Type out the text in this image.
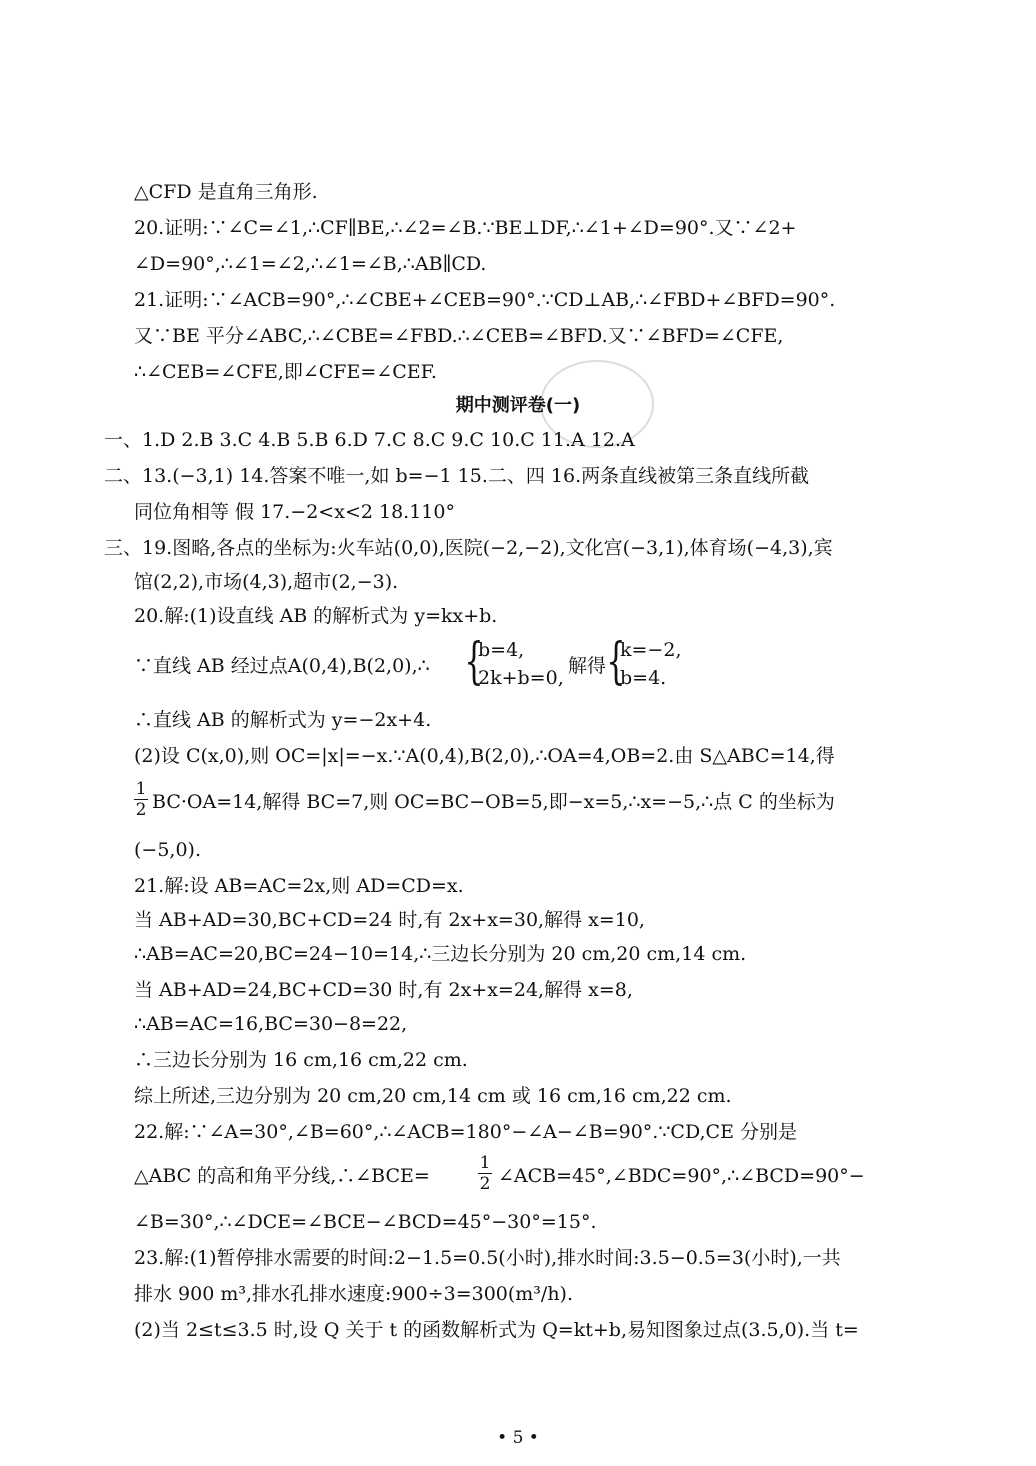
△CFD 是直角三角形.
20.证明:∵∠C=∠1,∴CF∥BE,∴∠2=∠B.∵BE⊥DF,∴∠1+∠D=90°.又∵∠2+
∠D=90°,∴∠1=∠2,∴∠1=∠B,∴AB∥CD.
21.证明:∵∠ACB=90°,∴∠CBE+∠CEB=90°.∵CD⊥AB,∴∠FBD+∠BFD=90°.
又∵BE 平分∠ABC,∴∠CBE=∠FBD.∴∠CEB=∠BFD.又∵∠BFD=∠CFE,
∴∠CEB=∠CFE,即∠CFE=∠CEF.
期中测评卷(一)
一、1.D 2.B 3.C 4.B 5.B 6.D 7.C 8.C 9.C 10.C 11.A 12.A
二、13.(−3,1) 14.答案不唯一,如 b=−1 15.二、四 16.两条直线被第三条直线所截
同位角相等 假 17.−2<x<2 18.110°
三、19.图略,各点的坐标为:火车站(0,0),医院(−2,−2),文化宫(−3,1),体育场(−4,3),宾
馆(2,2),市场(4,3),超市(2,−3).
20.解:(1)设直线 AB 的解析式为 y=kx+b.
∵直线 AB 经过点A(0,4),B(2,0),∴ {
b=4,
2k+b=0,
解得 {
k=−2,
b=4.
∴直线 AB 的解析式为 y=−2x+4.
(2)设 C(x,0),则 OC=|x|=−x.∵A(0,4),B(2,0),∴OA=4,OB=2.由 S△ABC=14,得
1
2 BC·OA=14,解得 BC=7,则 OC=BC−OB=5,即−x=5,∴x=−5,∴点 C 的坐标为
(−5,0).
21.解:设 AB=AC=2x,则 AD=CD=x.
当 AB+AD=30,BC+CD=24 时,有 2x+x=30,解得 x=10,
∴AB=AC=20,BC=24−10=14,∴三边长分别为 20 cm,20 cm,14 cm.
当 AB+AD=24,BC+CD=30 时,有 2x+x=24,解得 x=8,
∴AB=AC=16,BC=30−8=22,
∴三边长分别为 16 cm,16 cm,22 cm.
综上所述,三边分别为 20 cm,20 cm,14 cm 或 16 cm,16 cm,22 cm.
22.解:∵∠A=30°,∠B=60°,∴∠ACB=180°−∠A−∠B=90°.∵CD,CE 分别是
△ABC 的高和角平分线,∴∠BCE=
1
2 ∠ACB=45°,∠BDC=90°,∴∠BCD=90°−
∠B=30°,∴∠DCE=∠BCE−∠BCD=45°−30°=15°.
23.解:(1)暂停排水需要的时间:2−1.5=0.5(小时),排水时间:3.5−0.5=3(小时),一共
排水 900 m³,排水孔排水速度:900÷3=300(m³/h).
(2)当 2≤t≤3.5 时,设 Q 关于 t 的函数解析式为 Q=kt+b,易知图象过点(3.5,0).当 t=
• 5 •
